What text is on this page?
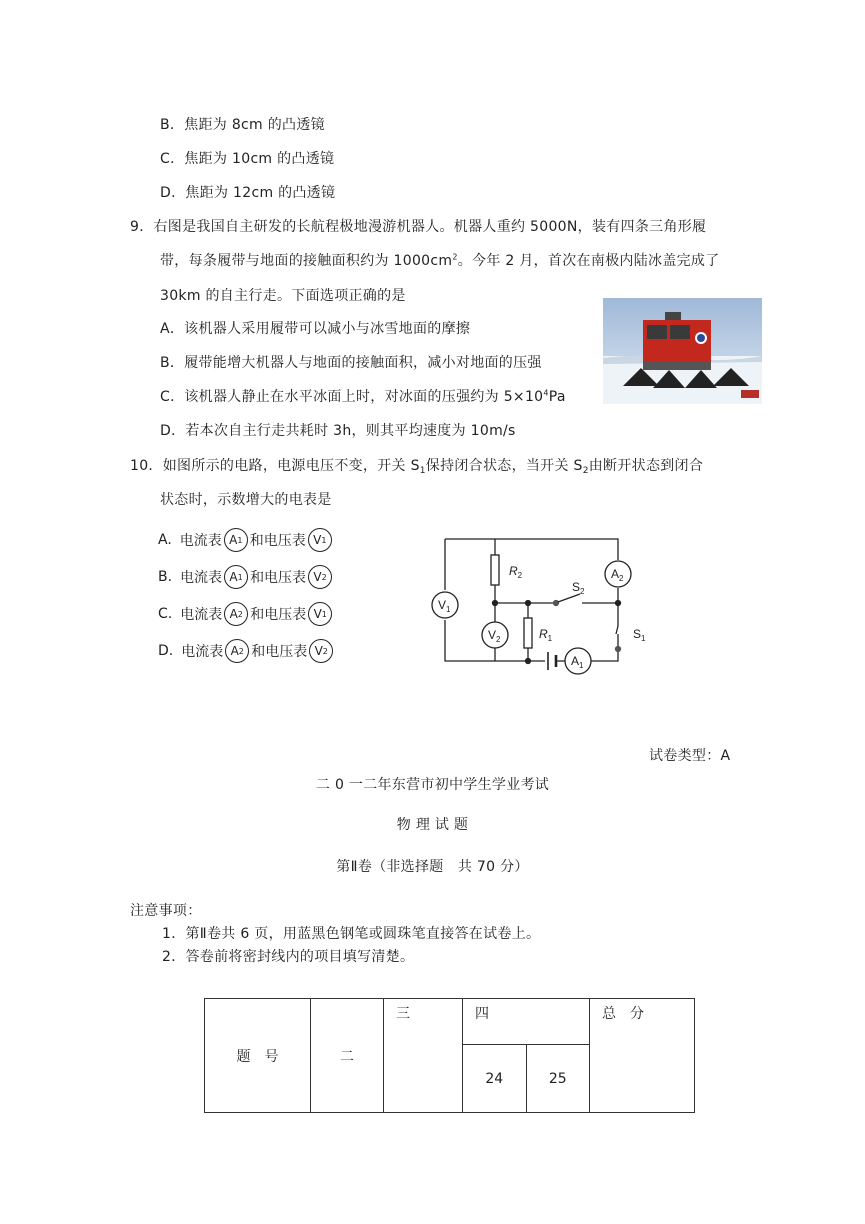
B．焦距为 8cm 的凸透镜
C．焦距为 10cm 的凸透镜
D．焦距为 12cm 的凸透镜
9．右图是我国自主研发的长航程极地漫游机器人。机器人重约 5000N，装有四条三角形履
带，每条履带与地面的接触面积约为 $1000cm^2$。今年 2 月，首次在南极内陆冰盖完成了
30km 的自主行走。下面选项正确的是
A．该机器人采用履带可以减小与冰雪地面的摩擦
B．履带能增大机器人与地面的接触面积，减小对地面的压强
C．该机器人静止在水平冰面上时，对冰面的压强约为 $5\times 10^4Pa$
D．若本次自主行走共耗时 3h，则其平均速度为 10m/s
10．如图所示的电路，电源电压不变，开关 $S_1$保持闭合状态，当开关 $S_2$由断开状态到闭合
状态时，示数增大的电表是
A. 电流表 A 1 和电压表 V 1
B. 电流表 A 1 和电压表 V 2
C. 电流表 A 2 和电压表 V 1
D. 电流表 A 2 和电压表 V 2
$A_2$
$V_1$
$V_2$
$A_1$
$R_2$
$R_1$
$S_2$
$S_1$
试卷类型：A
二 0 一二年东营市初中学生学业考试
物 理 试 题
第Ⅱ卷（非选择题　共 70 分）
注意事项：
1．第Ⅱ卷共 6 页，用蓝黑色钢笔或圆珠笔直接答在试卷上。
2．答卷前将密封线内的项目填写清楚。
题　号	二	三	四		总　分
			24	25	
